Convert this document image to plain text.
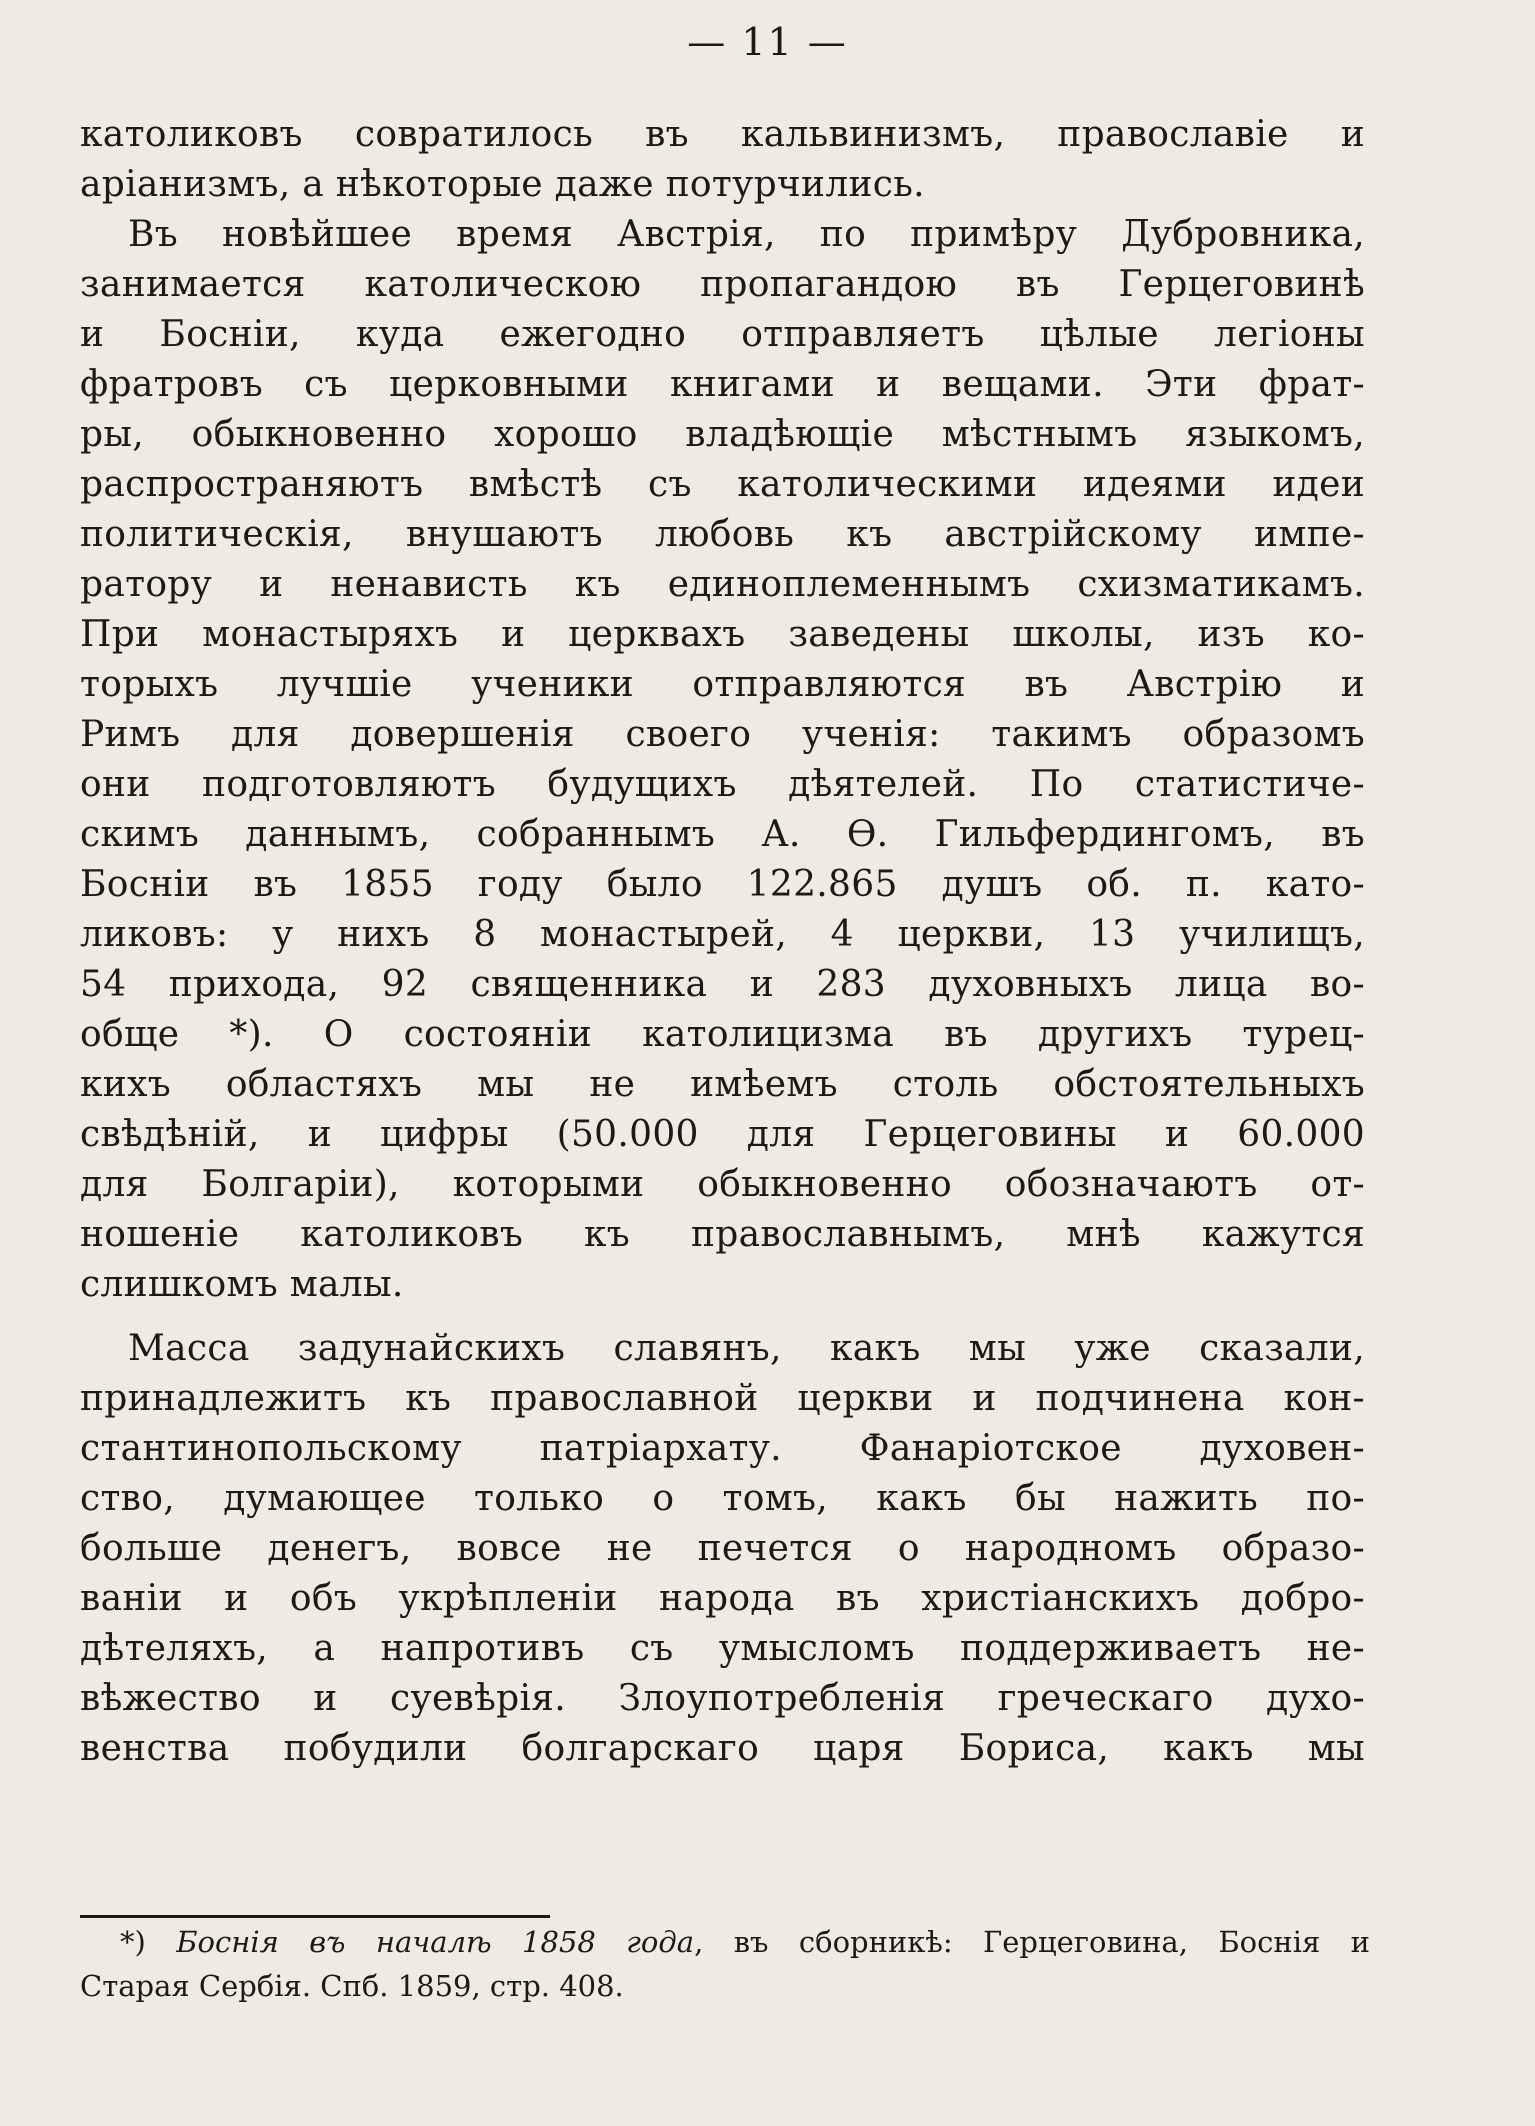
— 11 —
католиковъ совратилось въ кальвинизмъ, православіе и
аріанизмъ, а нѣкоторые даже потурчились.
Въ новѣйшее время Австрія, по примѣру Дубровника,
занимается католическою пропагандою въ Герцеговинѣ
и Босніи, куда ежегодно отправляетъ цѣлые легіоны
фратровъ съ церковными книгами и вещами. Эти фрат-
ры, обыкновенно хорошо владѣющіе мѣстнымъ языкомъ,
распространяютъ вмѣстѣ съ католическими идеями идеи
политическія, внушаютъ любовь къ австрійскому импе-
ратору и ненависть къ единоплеменнымъ схизматикамъ.
При монастыряхъ и церквахъ заведены школы, изъ ко-
торыхъ лучшіе ученики отправляются въ Австрію и
Римъ для довершенія своего ученія: такимъ образомъ
они подготовляютъ будущихъ дѣятелей. По статистиче-
скимъ даннымъ, собраннымъ А. Ѳ. Гильфердингомъ, въ
Босніи въ 1855 году было 122.865 душъ об. п. като-
ликовъ: у нихъ 8 монастырей, 4 церкви, 13 училищъ,
54 прихода, 92 священника и 283 духовныхъ лица во-
обще *). О состояніи католицизма въ другихъ турец-
кихъ областяхъ мы не имѣемъ столь обстоятельныхъ
свѣдѣній, и цифры (50.000 для Герцеговины и 60.000
для Болгаріи), которыми обыкновенно обозначаютъ от-
ношеніе католиковъ къ православнымъ, мнѣ кажутся
слишкомъ малы.
Масса задунайскихъ славянъ, какъ мы уже сказали,
принадлежитъ къ православной церкви и подчинена кон-
стантинопольскому патріархату. Фанаріотское духовен-
ство, думающее только о томъ, какъ бы нажить по-
больше денегъ, вовсе не печется о народномъ образо-
ваніи и объ укрѣпленіи народа въ христіанскихъ добро-
дѣтеляхъ, а напротивъ съ умысломъ поддерживаетъ не-
вѣжество и суевѣрія. Злоупотребленія греческаго духо-
венства побудили болгарскаго царя Бориса, какъ мы
*) Боснія въ началѣ 1858 года, въ сборникѣ: Герцеговина, Боснія и
Старая Сербія. Спб. 1859, стр. 408.
